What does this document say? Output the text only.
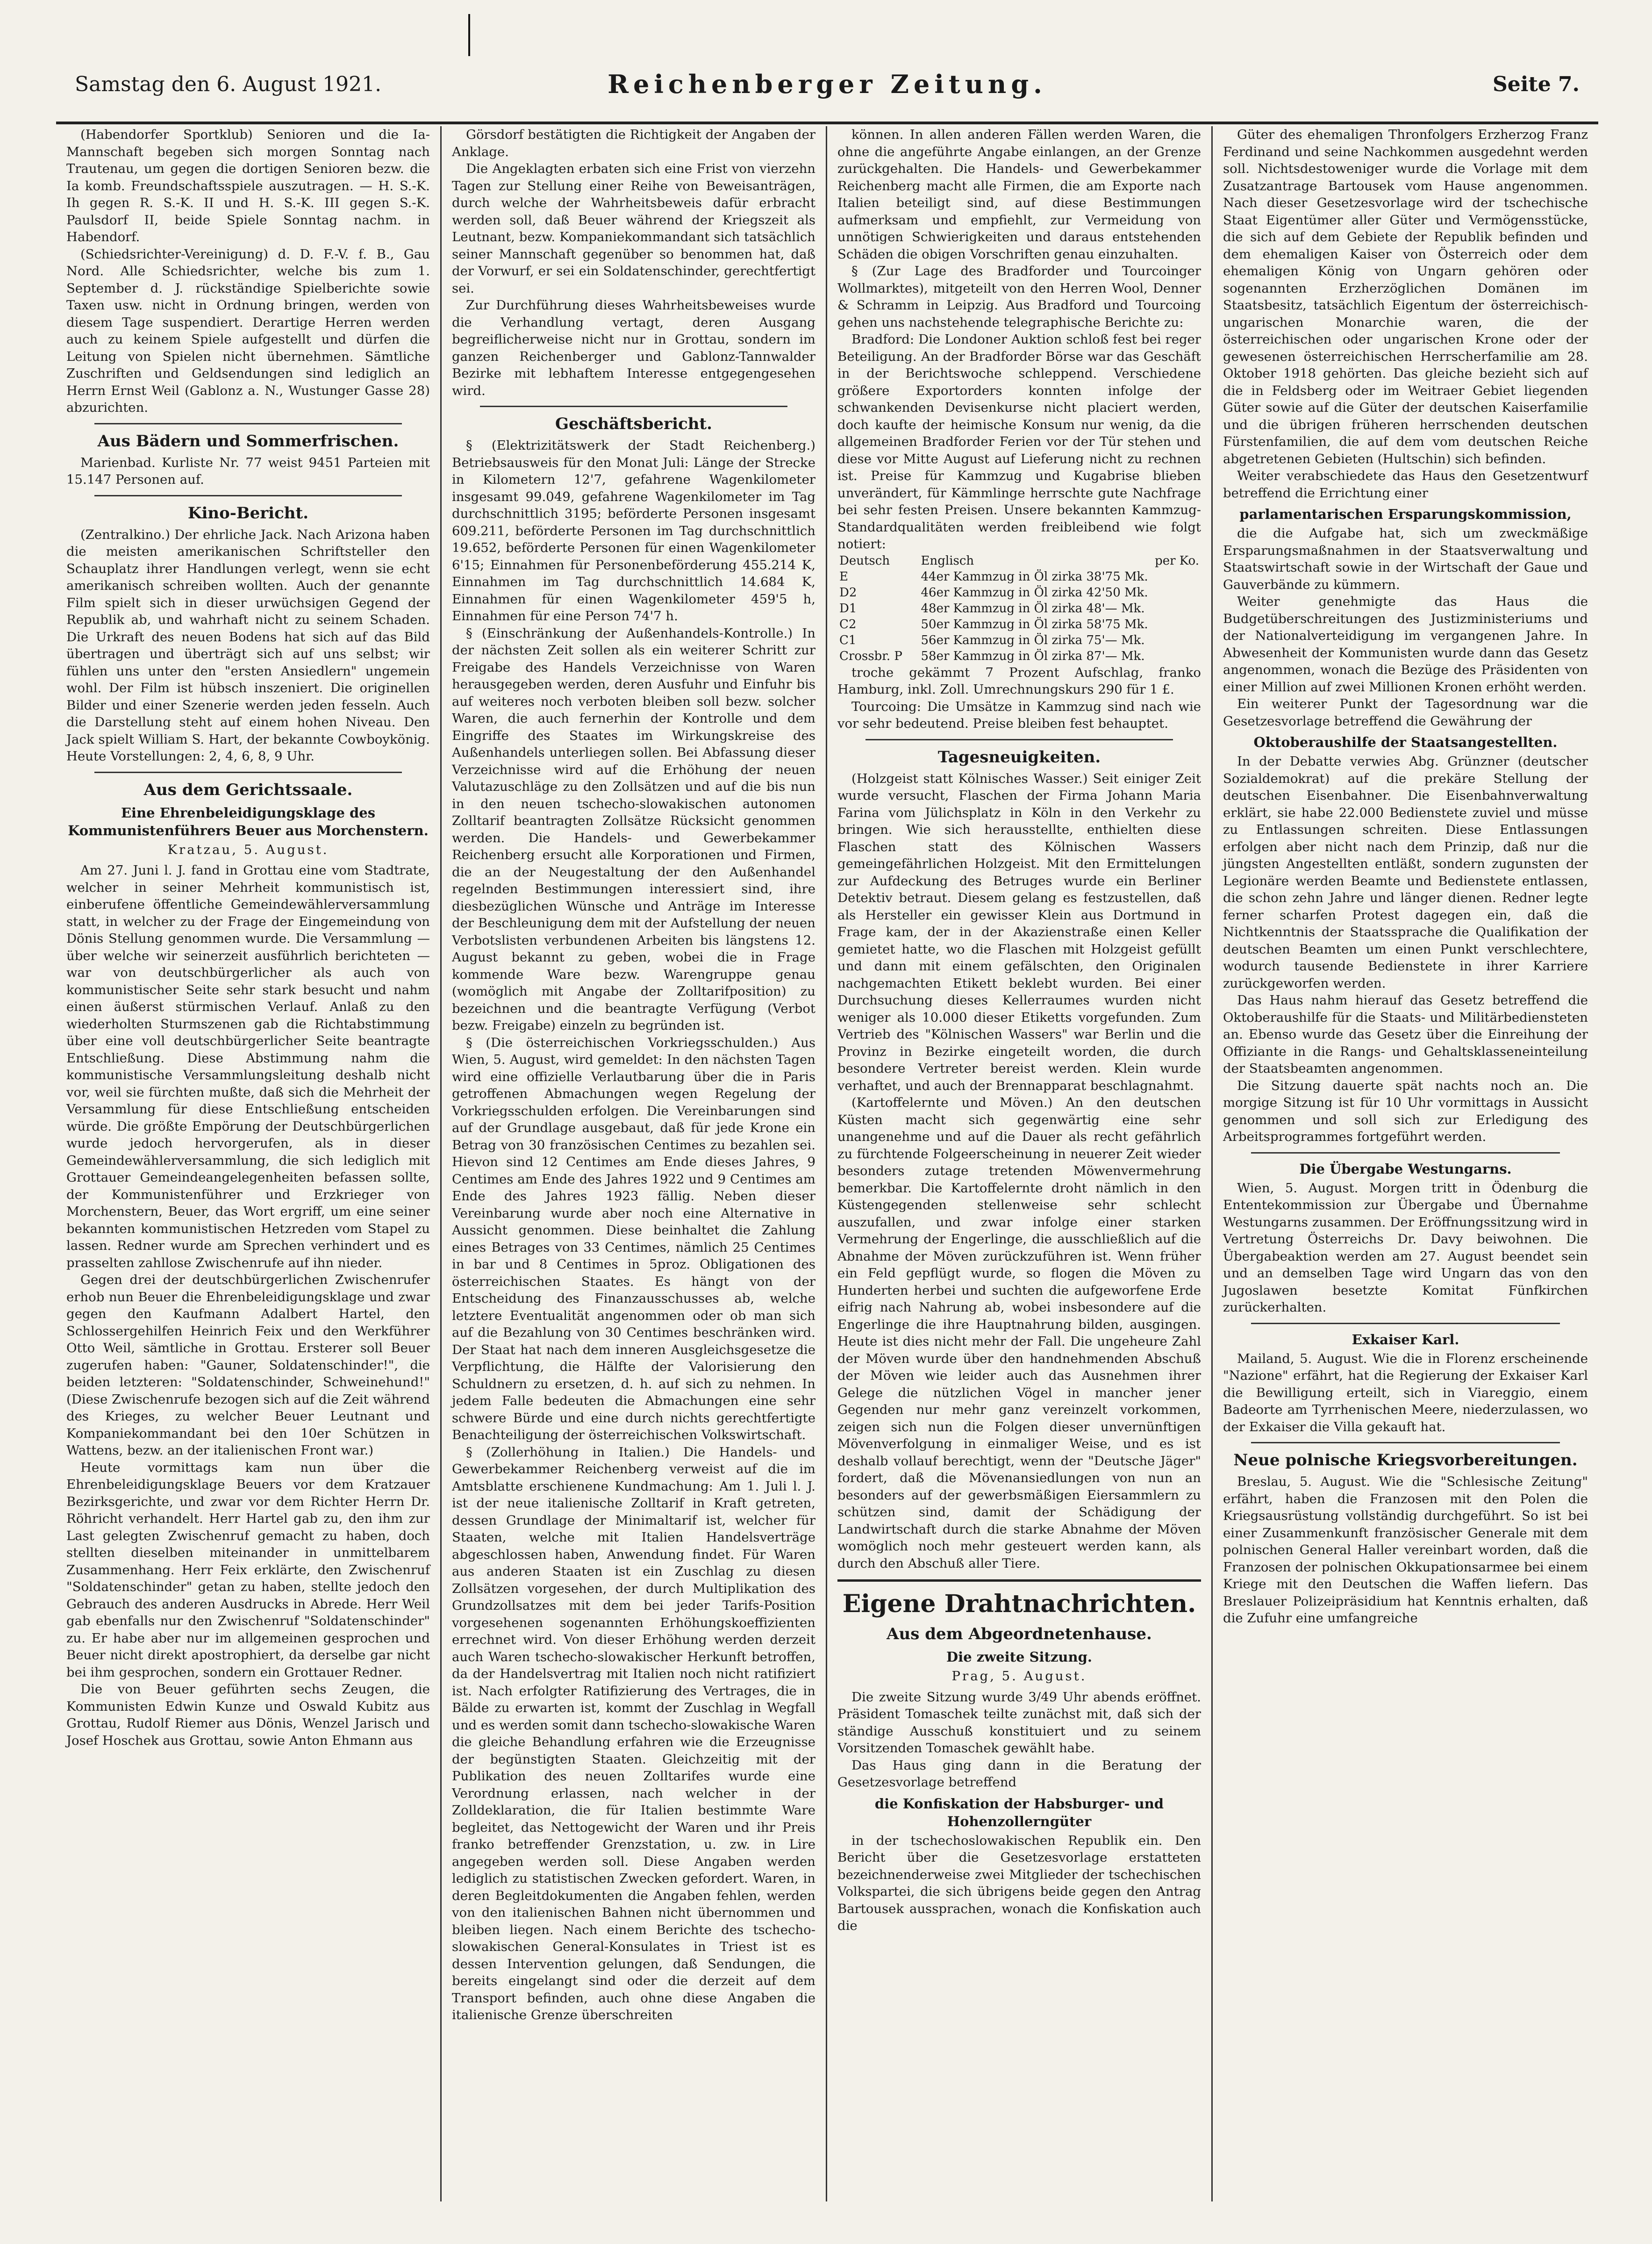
Samstag den 6. August 1921.	Reichenberger Zeitung.	Seite 7.

(Habendorfer Sportklub) Senioren und die Ia-Mannschaft begeben sich morgen Sonntag nach Trautenau, um gegen die dortigen Senioren bezw. die Ia komb. Freundschaftsspiele auszutragen. — H. S.-K. Ih gegen R. S.-K. II und H. S.-K. III gegen S.-K. Paulsdorf II, beide Spiele Sonntag nachm. in Habendorf.

(Schiedsrichter-Vereinigung) d. D. F.-V. f. B., Gau Nord. Alle Schiedsrichter, welche bis zum 1. September d. J. rückständige Spielberichte sowie Taxen usw. nicht in Ordnung bringen, werden von diesem Tage suspendiert. Derartige Herren werden auch zu keinem Spiele aufgestellt und dürfen die Leitung von Spielen nicht übernehmen. Sämtliche Zuschriften und Geldsendungen sind lediglich an Herrn Ernst Weil (Gablonz a. N., Wustunger Gasse 28) abzurichten.

Aus Bädern und Sommerfrischen.

Marienbad. Kurliste Nr. 77 weist 9451 Parteien mit 15.147 Personen auf.

Kino-Bericht.

(Zentralkino.) Der ehrliche Jack. Nach Arizona haben die meisten amerikanischen Schriftsteller den Schauplatz ihrer Handlungen verlegt, wenn sie echt amerikanisch schreiben wollten. Auch der genannte Film spielt sich in dieser urwüchsigen Gegend der Republik ab, und wahrhaft nicht zu seinem Schaden. Die Urkraft des neuen Bodens hat sich auf das Bild übertragen und überträgt sich auf uns selbst; wir fühlen uns unter den "ersten Ansiedlern" ungemein wohl. Der Film ist hübsch inszeniert. Die originellen Bilder und einer Szenerie werden jeden fesseln. Auch die Darstellung steht auf einem hohen Niveau. Den Jack spielt William S. Hart, der bekannte Cowboykönig. Heute Vorstellungen: 2, 4, 6, 8, 9 Uhr.

Aus dem Gerichtssaale.
Eine Ehrenbeleidigungsklage des Kommunistenführers Beuer aus Morchenstern.

Kratzau, 5. August.

Am 27. Juni l. J. fand in Grottau eine vom Stadtrate, welcher in seiner Mehrheit kommunistisch ist, einberufene öffentliche Gemeindewählerversammlung statt, in welcher zu der Frage der Eingemeindung von Dönis Stellung genommen wurde. Die Versammlung — über welche wir seinerzeit ausführlich berichteten — war von deutschbürgerlicher als auch von kommunistischer Seite sehr stark besucht und nahm einen äußerst stürmischen Verlauf. Anlaß zu den wiederholten Sturmszenen gab die Richtabstimmung über eine voll deutschbürgerlicher Seite beantragte Entschließung. Diese Abstimmung nahm die kommunistische Versammlungsleitung deshalb nicht vor, weil sie fürchten mußte, daß sich die Mehrheit der Versammlung für diese Entschließung entscheiden würde. Die größte Empörung der Deutschbürgerlichen wurde jedoch hervorgerufen, als in dieser Gemeindewählerversammlung, die sich lediglich mit Grottauer Gemeindeangelegenheiten befassen sollte, der Kommunistenführer und Erzkrieger von Morchenstern, Beuer, das Wort ergriff, um eine seiner bekannten kommunistischen Hetzreden vom Stapel zu lassen. Redner wurde am Sprechen verhindert und es prasselten zahllose Zwischenrufe auf ihn nieder.

Gegen drei der deutschbürgerlichen Zwischenrufer erhob nun Beuer die Ehrenbeleidigungsklage und zwar gegen den Kaufmann Adalbert Hartel, den Schlossergehilfen Heinrich Feix und den Werkführer Otto Weil, sämtliche in Grottau. Ersterer soll Beuer zugerufen haben: "Gauner, Soldatenschinder!", die beiden letzteren: "Soldatenschinder, Schweinehund!" (Diese Zwischenrufe bezogen sich auf die Zeit während des Krieges, zu welcher Beuer Leutnant und Kompaniekommandant bei den 10er Schützen in Wattens, bezw. an der italienischen Front war.)

Heute vormittags kam nun über die Ehrenbeleidigungsklage Beuers vor dem Kratzauer Bezirksgerichte, und zwar vor dem Richter Herrn Dr. Röhricht verhandelt. Herr Hartel gab zu, den ihm zur Last gelegten Zwischenruf gemacht zu haben, doch stellten dieselben miteinander in unmittelbarem Zusammenhang. Herr Feix erklärte, den Zwischenruf "Soldatenschinder" getan zu haben, stellte jedoch den Gebrauch des anderen Ausdrucks in Abrede. Herr Weil gab ebenfalls nur den Zwischenruf "Soldatenschinder" zu. Er habe aber nur im allgemeinen gesprochen und Beuer nicht direkt apostrophiert, da derselbe gar nicht bei ihm gesprochen, sondern ein Grottauer Redner.

Die von Beuer geführten sechs Zeugen, die Kommunisten Edwin Kunze und Oswald Kubitz aus Grottau, Rudolf Riemer aus Dönis, Wenzel Jarisch und Josef Hoschek aus Grottau, sowie Anton Ehmann aus

Görsdorf bestätigten die Richtigkeit der Angaben der Anklage.

Die Angeklagten erbaten sich eine Frist von vierzehn Tagen zur Stellung einer Reihe von Beweisanträgen, durch welche der Wahrheitsbeweis dafür erbracht werden soll, daß Beuer während der Kriegszeit als Leutnant, bezw. Kompaniekommandant sich tatsächlich seiner Mannschaft gegenüber so benommen hat, daß der Vorwurf, er sei ein Soldatenschinder, gerechtfertigt sei.

Zur Durchführung dieses Wahrheitsbeweises wurde die Verhandlung vertagt, deren Ausgang begreiflicherweise nicht nur in Grottau, sondern im ganzen Reichenberger und Gablonz-Tannwalder Bezirke mit lebhaftem Interesse entgegengesehen wird.

Geschäftsbericht.

§ (Elektrizitätswerk der Stadt Reichenberg.) Betriebsausweis für den Monat Juli: Länge der Strecke in Kilometern 12'7, gefahrene Wagenkilometer insgesamt 99.049, gefahrene Wagenkilometer im Tag durchschnittlich 3195; beförderte Personen insgesamt 609.211, beförderte Personen im Tag durchschnittlich 19.652, beförderte Personen für einen Wagenkilometer 6'15; Einnahmen für Personenbeförderung 455.214 K, Einnahmen im Tag durchschnittlich 14.684 K, Einnahmen für einen Wagenkilometer 459'5 h, Einnahmen für eine Person 74'7 h.

§ (Einschränkung der Außenhandels-Kontrolle.) In der nächsten Zeit sollen als ein weiterer Schritt zur Freigabe des Handels Verzeichnisse von Waren herausgegeben werden, deren Ausfuhr und Einfuhr bis auf weiteres noch verboten bleiben soll bezw. solcher Waren, die auch fernerhin der Kontrolle und dem Eingriffe des Staates im Wirkungskreise des Außenhandels unterliegen sollen. Bei Abfassung dieser Verzeichnisse wird auf die Erhöhung der neuen Valutazuschläge zu den Zollsätzen und auf die bis nun in den neuen tschecho-slowakischen autonomen Zolltarif beantragten Zollsätze Rücksicht genommen werden. Die Handels- und Gewerbekammer Reichenberg ersucht alle Korporationen und Firmen, die an der Neugestaltung der den Außenhandel regelnden Bestimmungen interessiert sind, ihre diesbezüglichen Wünsche und Anträge im Interesse der Beschleunigung dem mit der Aufstellung der neuen Verbotslisten verbundenen Arbeiten bis längstens 12. August bekannt zu geben, wobei die in Frage kommende Ware bezw. Warengruppe genau (womöglich mit Angabe der Zolltarifposition) zu bezeichnen und die beantragte Verfügung (Verbot bezw. Freigabe) einzeln zu begründen ist.

§ (Die österreichischen Vorkriegsschulden.) Aus Wien, 5. August, wird gemeldet: In den nächsten Tagen wird eine offizielle Verlautbarung über die in Paris getroffenen Abmachungen wegen Regelung der Vorkriegsschulden erfolgen. Die Vereinbarungen sind auf der Grundlage ausgebaut, daß für jede Krone ein Betrag von 30 französischen Centimes zu bezahlen sei. Hievon sind 12 Centimes am Ende dieses Jahres, 9 Centimes am Ende des Jahres 1922 und 9 Centimes am Ende des Jahres 1923 fällig. Neben dieser Vereinbarung wurde aber noch eine Alternative in Aussicht genommen. Diese beinhaltet die Zahlung eines Betrages von 33 Centimes, nämlich 25 Centimes in bar und 8 Centimes in 5proz. Obligationen des österreichischen Staates. Es hängt von der Entscheidung des Finanzausschusses ab, welche letztere Eventualität angenommen oder ob man sich auf die Bezahlung von 30 Centimes beschränken wird. Der Staat hat nach dem inneren Ausgleichsgesetze die Verpflichtung, die Hälfte der Valorisierung den Schuldnern zu ersetzen, d. h. auf sich zu nehmen. In jedem Falle bedeuten die Abmachungen eine sehr schwere Bürde und eine durch nichts gerechtfertigte Benachteiligung der österreichischen Volkswirtschaft.

§ (Zollerhöhung in Italien.) Die Handels- und Gewerbekammer Reichenberg verweist auf die im Amtsblatte erschienene Kundmachung: Am 1. Juli l. J. ist der neue italienische Zolltarif in Kraft getreten, dessen Grundlage der Minimaltarif ist, welcher für Staaten, welche mit Italien Handelsverträge abgeschlossen haben, Anwendung findet. Für Waren aus anderen Staaten ist ein Zuschlag zu diesen Zollsätzen vorgesehen, der durch Multiplikation des Grundzollsatzes mit dem bei jeder Tarifs-Position vorgesehenen sogenannten Erhöhungskoeffizienten errechnet wird. Von dieser Erhöhung werden derzeit auch Waren tschecho-slowakischer Herkunft betroffen, da der Handelsvertrag mit Italien noch nicht ratifiziert ist. Nach erfolgter Ratifizierung des Vertrages, die in Bälde zu erwarten ist, kommt der Zuschlag in Wegfall und es werden somit dann tschecho-slowakische Waren die gleiche Behandlung erfahren wie die Erzeugnisse der begünstigten Staaten. Gleichzeitig mit der Publikation des neuen Zolltarifes wurde eine Verordnung erlassen, nach welcher in der Zolldeklaration, die für Italien bestimmte Ware begleitet, das Nettogewicht der Waren und ihr Preis franko betreffender Grenzstation, u. zw. in Lire angegeben werden soll. Diese Angaben werden lediglich zu statistischen Zwecken gefordert. Waren, in deren Begleitdokumenten die Angaben fehlen, werden von den italienischen Bahnen nicht übernommen und bleiben liegen. Nach einem Berichte des tschecho-slowakischen General-Konsulates in Triest ist es dessen Intervention gelungen, daß Sendungen, die bereits eingelangt sind oder die derzeit auf dem Transport befinden, auch ohne diese Angaben die italienische Grenze überschreiten

können. In allen anderen Fällen werden Waren, die ohne die angeführte Angabe einlangen, an der Grenze zurückgehalten. Die Handels- und Gewerbekammer Reichenberg macht alle Firmen, die am Exporte nach Italien beteiligt sind, auf diese Bestimmungen aufmerksam und empfiehlt, zur Vermeidung von unnötigen Schwierigkeiten und daraus entstehenden Schäden die obigen Vorschriften genau einzuhalten.

§ (Zur Lage des Bradforder und Tourcoinger Wollmarktes), mitgeteilt von den Herren Wool, Denner & Schramm in Leipzig. Aus Bradford und Tourcoing gehen uns nachstehende telegraphische Berichte zu:

Bradford: Die Londoner Auktion schloß fest bei reger Beteiligung. An der Bradforder Börse war das Geschäft in der Berichtswoche schleppend. Verschiedene größere Exportorders konnten infolge der schwankenden Devisenkurse nicht placiert werden, doch kaufte der heimische Konsum nur wenig, da die allgemeinen Bradforder Ferien vor der Tür stehen und diese vor Mitte August auf Lieferung nicht zu rechnen ist. Preise für Kammzug und Kugabrise blieben unverändert, für Kämmlinge herrschte gute Nachfrage bei sehr festen Preisen. Unsere bekannten Kammzug-Standardqualitäten werden freibleibend wie folgt notiert:

Deutsch	Englisch	per Ko.
E	44er Kammzug in Öl zirka 38'75 Mk.	
D2	46er Kammzug in Öl zirka 42'50 Mk.	
D1	48er Kammzug in Öl zirka 48'— Mk.	
C2	50er Kammzug in Öl zirka 58'75 Mk.	
C1	56er Kammzug in Öl zirka 75'— Mk.	
Crossbr. P	58er Kammzug in Öl zirka 87'— Mk.	

troche gekämmt 7 Prozent Aufschlag, franko Hamburg, inkl. Zoll. Umrechnungskurs 290 für 1 £.

Tourcoing: Die Umsätze in Kammzug sind nach wie vor sehr bedeutend. Preise bleiben fest behauptet.

Tagesneuigkeiten.

(Holzgeist statt Kölnisches Wasser.) Seit einiger Zeit wurde versucht, Flaschen der Firma Johann Maria Farina vom Jülichsplatz in Köln in den Verkehr zu bringen. Wie sich herausstellte, enthielten diese Flaschen statt des Kölnischen Wassers gemeingefährlichen Holzgeist. Mit den Ermittelungen zur Aufdeckung des Betruges wurde ein Berliner Detektiv betraut. Diesem gelang es festzustellen, daß als Hersteller ein gewisser Klein aus Dortmund in Frage kam, der in der Akazienstraße einen Keller gemietet hatte, wo die Flaschen mit Holzgeist gefüllt und dann mit einem gefälschten, den Originalen nachgemachten Etikett beklebt wurden. Bei einer Durchsuchung dieses Kellerraumes wurden nicht weniger als 10.000 dieser Etiketts vorgefunden. Zum Vertrieb des "Kölnischen Wassers" war Berlin und die Provinz in Bezirke eingeteilt worden, die durch besondere Vertreter bereist werden. Klein wurde verhaftet, und auch der Brennapparat beschlagnahmt.

(Kartoffelernte und Möven.) An den deutschen Küsten macht sich gegenwärtig eine sehr unangenehme und auf die Dauer als recht gefährlich zu fürchtende Folgeerscheinung in neuerer Zeit wieder besonders zutage tretenden Möwenvermehrung bemerkbar. Die Kartoffelernte droht nämlich in den Küstengegenden stellenweise sehr schlecht auszufallen, und zwar infolge einer starken Vermehrung der Engerlinge, die ausschließlich auf die Abnahme der Möven zurückzuführen ist. Wenn früher ein Feld gepflügt wurde, so flogen die Möven zu Hunderten herbei und suchten die aufgeworfene Erde eifrig nach Nahrung ab, wobei insbesondere auf die Engerlinge die ihre Hauptnahrung bilden, ausgingen. Heute ist dies nicht mehr der Fall. Die ungeheure Zahl der Möven wurde über den handnehmenden Abschuß der Möven wie leider auch das Ausnehmen ihrer Gelege die nützlichen Vögel in mancher jener Gegenden nur mehr ganz vereinzelt vorkommen, zeigen sich nun die Folgen dieser unvernünftigen Mövenverfolgung in einmaliger Weise, und es ist deshalb vollauf berechtigt, wenn der "Deutsche Jäger" fordert, daß die Mövenansiedlungen von nun an besonders auf der gewerbsmäßigen Eiersammlern zu schützen sind, damit der Schädigung der Landwirtschaft durch die starke Abnahme der Möven womöglich noch mehr gesteuert werden kann, als durch den Abschuß aller Tiere.

Eigene Drahtnachrichten.
Aus dem Abgeordnetenhause.
Die zweite Sitzung.

Prag, 5. August.

Die zweite Sitzung wurde 3/49 Uhr abends eröffnet. Präsident Tomaschek teilte zunächst mit, daß sich der ständige Ausschuß konstituiert und zu seinem Vorsitzenden Tomaschek gewählt habe.

Das Haus ging dann in die Beratung der Gesetzesvorlage betreffend

die Konfiskation der Habsburger- und Hohenzollerngüter

in der tschechoslowakischen Republik ein. Den Bericht über die Gesetzesvorlage erstatteten bezeichnenderweise zwei Mitglieder der tschechischen Volkspartei, die sich übrigens beide gegen den Antrag Bartousek aussprachen, wonach die Konfiskation auch die

Güter des ehemaligen Thronfolgers Erzherzog Franz Ferdinand und seine Nachkommen ausgedehnt werden soll. Nichtsdestoweniger wurde die Vorlage mit dem Zusatzantrage Bartousek vom Hause angenommen. Nach dieser Gesetzesvorlage wird der tschechische Staat Eigentümer aller Güter und Vermögensstücke, die sich auf dem Gebiete der Republik befinden und dem ehemaligen Kaiser von Österreich oder dem ehemaligen König von Ungarn gehören oder sogenannten Erzherzöglichen Domänen im Staatsbesitz, tatsächlich Eigentum der österreichisch-ungarischen Monarchie waren, die der österreichischen oder ungarischen Krone oder der gewesenen österreichischen Herrscherfamilie am 28. Oktober 1918 gehörten. Das gleiche bezieht sich auf die in Feldsberg oder im Weitraer Gebiet liegenden Güter sowie auf die Güter der deutschen Kaiserfamilie und die übrigen früheren herrschenden deutschen Fürstenfamilien, die auf dem vom deutschen Reiche abgetretenen Gebieten (Hultschin) sich befinden.

Weiter verabschiedete das Haus den Gesetzentwurf betreffend die Errichtung einer

parlamentarischen Ersparungskommission,

die die Aufgabe hat, sich um zweckmäßige Ersparungsmaßnahmen in der Staatsverwaltung und Staatswirtschaft sowie in der Wirtschaft der Gaue und Gauverbände zu kümmern.

Weiter genehmigte das Haus die Budgetüberschreitungen des Justizministeriums und der Nationalverteidigung im vergangenen Jahre. In Abwesenheit der Kommunisten wurde dann das Gesetz angenommen, wonach die Bezüge des Präsidenten von einer Million auf zwei Millionen Kronen erhöht werden.

Ein weiterer Punkt der Tagesordnung war die Gesetzesvorlage betreffend die Gewährung der

Oktoberaushilfe der Staatsangestellten.

In der Debatte verwies Abg. Grünzner (deutscher Sozialdemokrat) auf die prekäre Stellung der deutschen Eisenbahner. Die Eisenbahnverwaltung erklärt, sie habe 22.000 Bedienstete zuviel und müsse zu Entlassungen schreiten. Diese Entlassungen erfolgen aber nicht nach dem Prinzip, daß nur die jüngsten Angestellten entläßt, sondern zugunsten der Legionäre werden Beamte und Bedienstete entlassen, die schon zehn Jahre und länger dienen. Redner legte ferner scharfen Protest dagegen ein, daß die Nichtkenntnis der Staatssprache die Qualifikation der deutschen Beamten um einen Punkt verschlechtere, wodurch tausende Bedienstete in ihrer Karriere zurückgeworfen werden.

Das Haus nahm hierauf das Gesetz betreffend die Oktoberaushilfe für die Staats- und Militärbediensteten an. Ebenso wurde das Gesetz über die Einreihung der Offiziante in die Rangs- und Gehaltsklasseneinteilung der Staatsbeamten angenommen.

Die Sitzung dauerte spät nachts noch an. Die morgige Sitzung ist für 10 Uhr vormittags in Aussicht genommen und soll sich zur Erledigung des Arbeitsprogrammes fortgeführt werden.

Die Übergabe Westungarns.

Wien, 5. August. Morgen tritt in Ödenburg die Ententekommission zur Übergabe und Übernahme Westungarns zusammen. Der Eröffnungssitzung wird in Vertretung Österreichs Dr. Davy beiwohnen. Die Übergabeaktion werden am 27. August beendet sein und an demselben Tage wird Ungarn das von den Jugoslawen besetzte Komitat Fünfkirchen zurückerhalten.

Exkaiser Karl.

Mailand, 5. August. Wie die in Florenz erscheinende "Nazione" erfährt, hat die Regierung der Exkaiser Karl die Bewilligung erteilt, sich in Viareggio, einem Badeorte am Tyrrhenischen Meere, niederzulassen, wo der Exkaiser die Villa gekauft hat.

Neue polnische Kriegsvorbereitungen.

Breslau, 5. August. Wie die "Schlesische Zeitung" erfährt, haben die Franzosen mit den Polen die Kriegsausrüstung vollständig durchgeführt. So ist bei einer Zusammenkunft französischer Generale mit dem polnischen General Haller vereinbart worden, daß die Franzosen der polnischen Okkupationsarmee bei einem Kriege mit den Deutschen die Waffen liefern. Das Breslauer Polizeipräsidium hat Kenntnis erhalten, daß die Zufuhr eine umfangreiche
